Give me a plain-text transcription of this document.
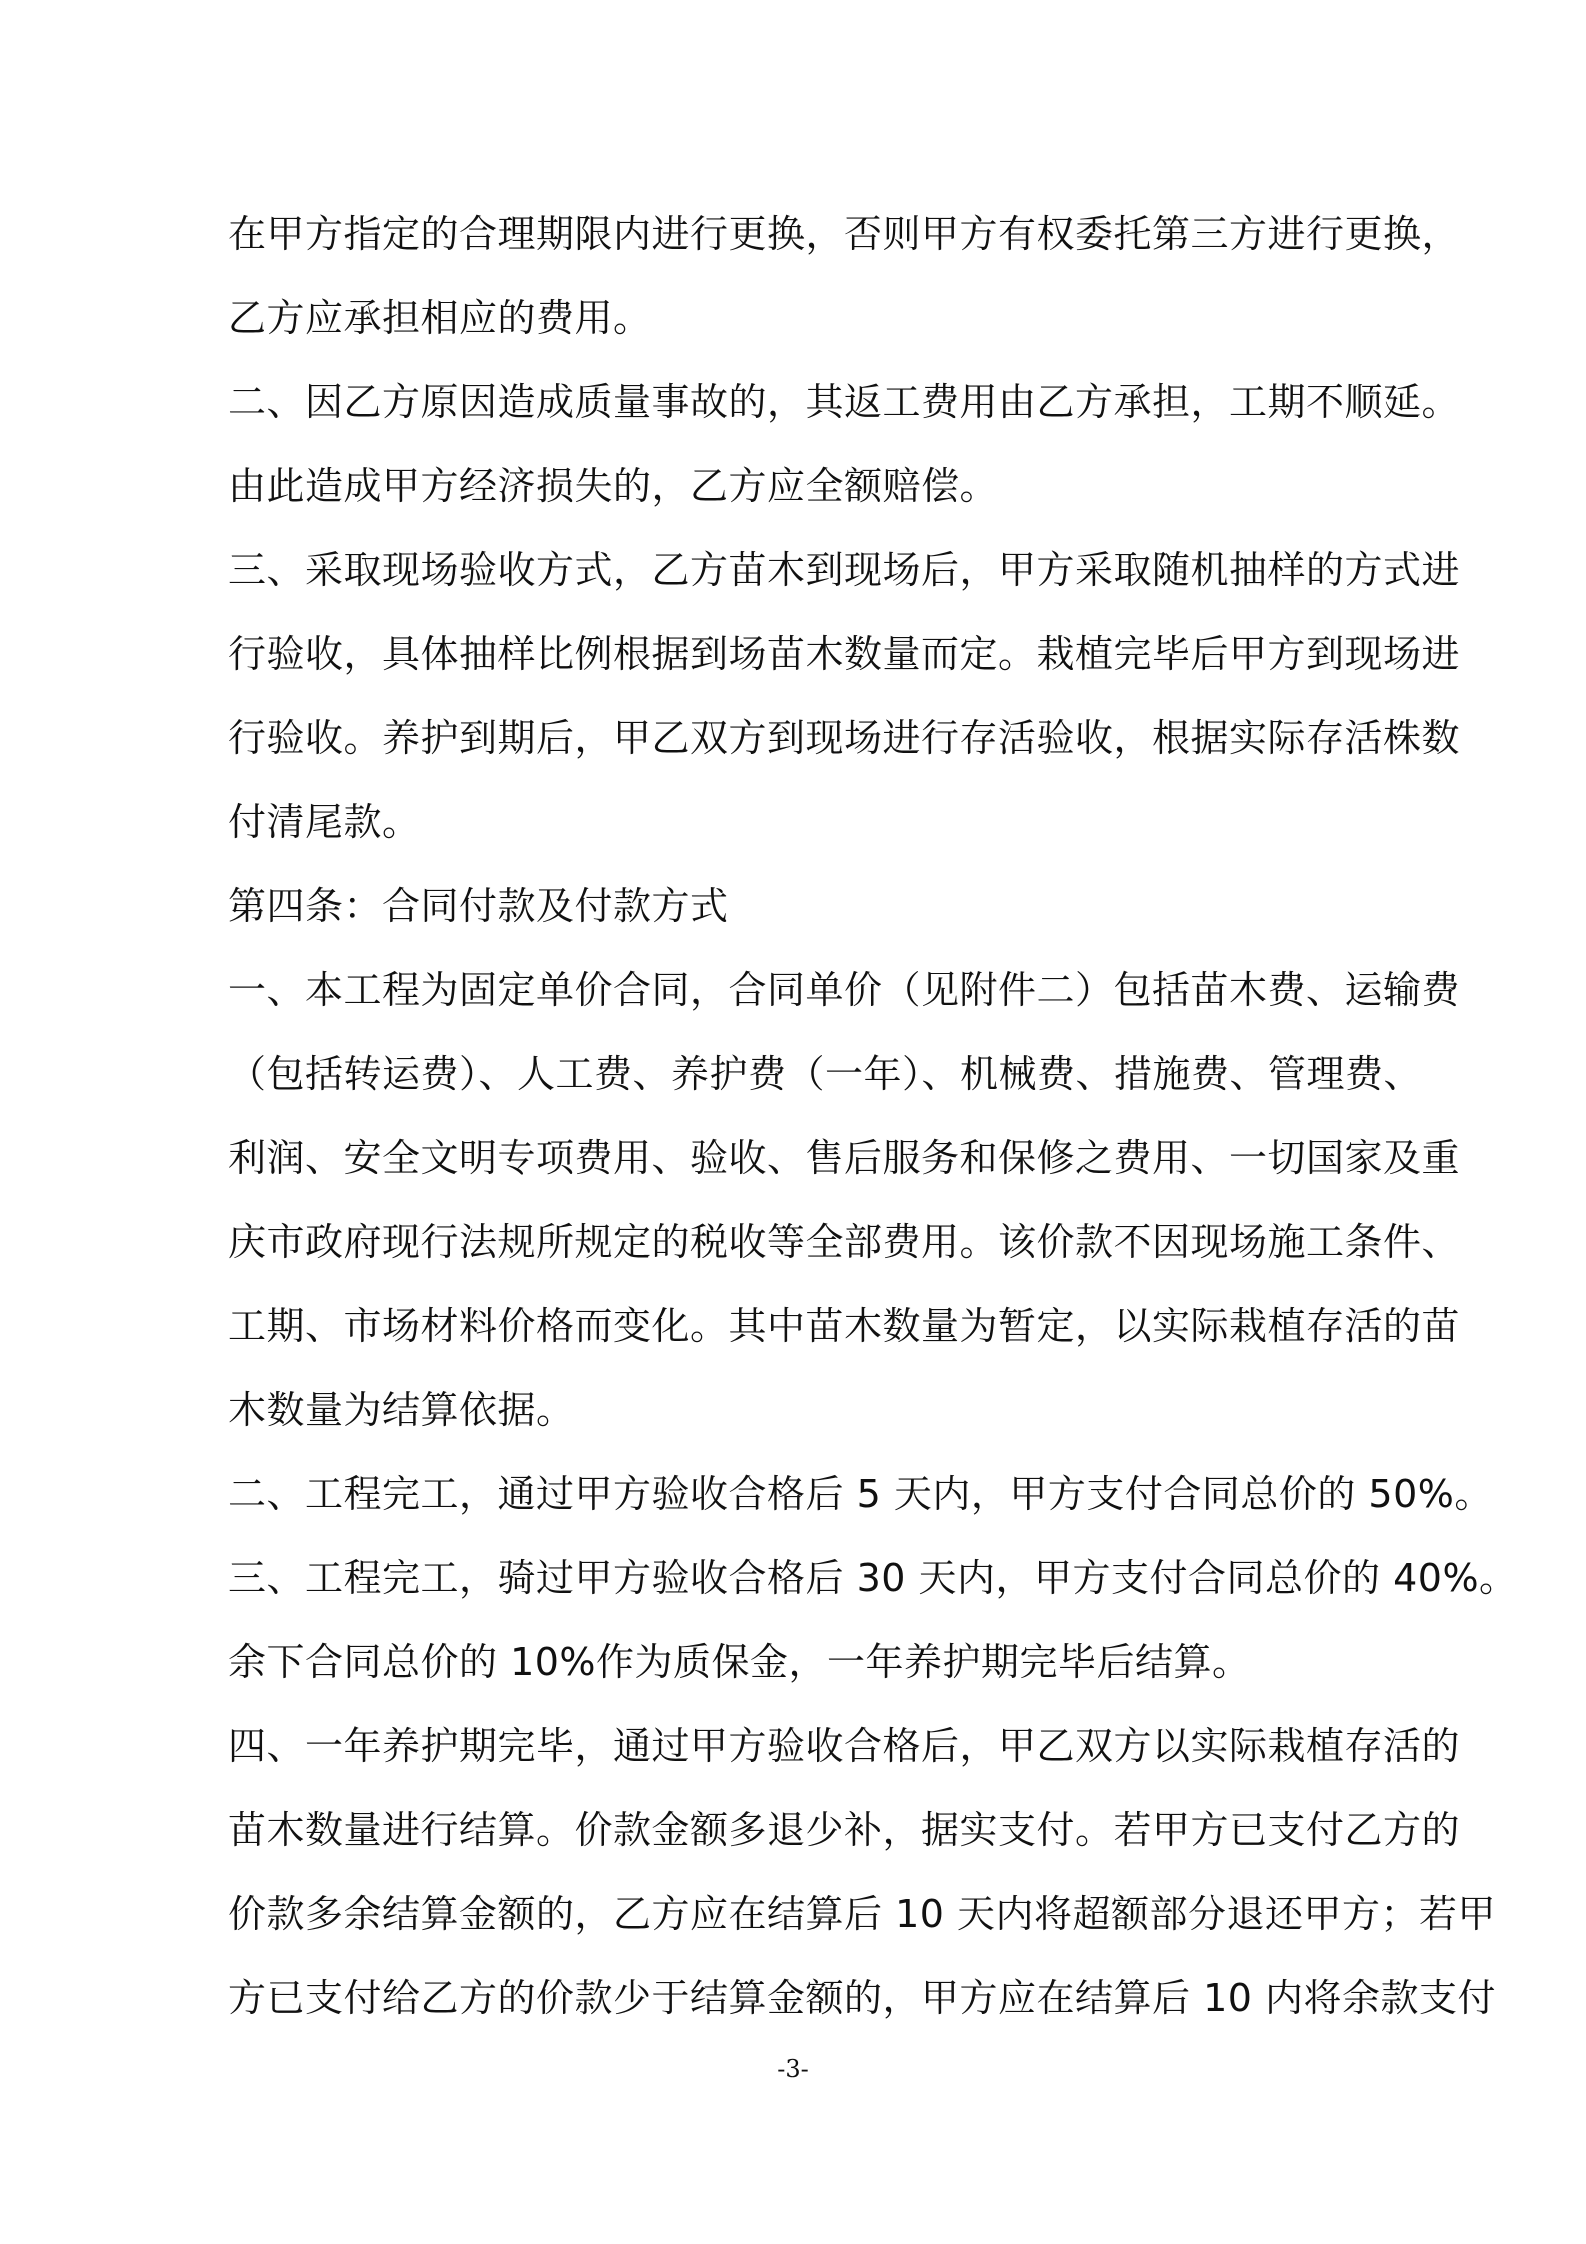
在甲方指定的合理期限内进行更换，否则甲方有权委托第三方进行更换，
乙方应承担相应的费用。
二、因乙方原因造成质量事故的，其返工费用由乙方承担，工期不顺延。
由此造成甲方经济损失的，乙方应全额赔偿。
三、采取现场验收方式，乙方苗木到现场后，甲方采取随机抽样的方式进
行验收，具体抽样比例根据到场苗木数量而定。栽植完毕后甲方到现场进
行验收。养护到期后，甲乙双方到现场进行存活验收，根据实际存活株数
付清尾款。
第四条：合同付款及付款方式
一、本工程为固定单价合同，合同单价（见附件二）包括苗木费、运输费
（包括转运费）、人工费、养护费（一年）、机械费、措施费、管理费、
利润、安全文明专项费用、验收、售后服务和保修之费用、一切国家及重
庆市政府现行法规所规定的税收等全部费用。该价款不因现场施工条件、
工期、市场材料价格而变化。其中苗木数量为暂定，以实际栽植存活的苗
木数量为结算依据。
二、工程完工，通过甲方验收合格后 5 天内，甲方支付合同总价的 50%。
三、工程完工，骑过甲方验收合格后 30 天内，甲方支付合同总价的 40%。
余下合同总价的 10%作为质保金，一年养护期完毕后结算。
四、一年养护期完毕，通过甲方验收合格后，甲乙双方以实际栽植存活的
苗木数量进行结算。价款金额多退少补，据实支付。若甲方已支付乙方的
价款多余结算金额的，乙方应在结算后 10 天内将超额部分退还甲方；若甲
方已支付给乙方的价款少于结算金额的，甲方应在结算后 10 内将余款支付
-3-
